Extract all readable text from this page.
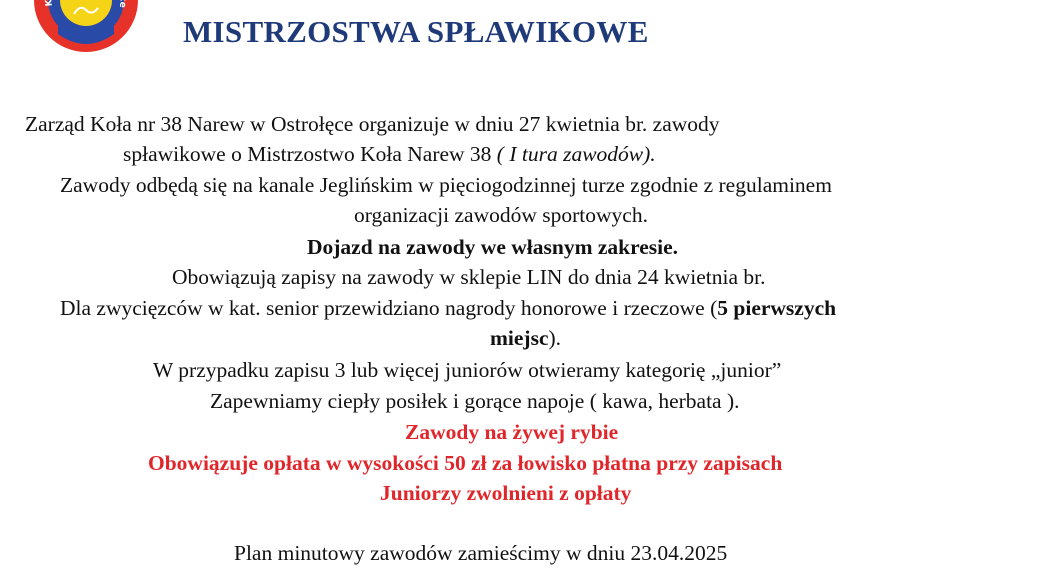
K	e
MISTRZOSTWA SPŁAWIKOWE
Zarząd Koła nr 38 Narew w Ostrołęce organizuje w dniu 27 kwietnia br. zawody
spławikowe o Mistrzostwo Koła Narew 38 ( I tura zawodów).
Zawody odbędą się na kanale Jeglińskim w pięciogodzinnej turze zgodnie z regulaminem
organizacji zawodów sportowych.
Dojazd na zawody we własnym zakresie.
Obowiązują zapisy na zawody w sklepie LIN do dnia 24 kwietnia br.
Dla zwycięzców w kat. senior przewidziano nagrody honorowe i rzeczowe (5 pierwszych
miejsc).
W przypadku zapisu 3 lub więcej juniorów otwieramy kategorię „junior”
Zapewniamy ciepły posiłek i gorące napoje ( kawa, herbata ).
Zawody na żywej rybie
Obowiązuje opłata w wysokości 50 zł za łowisko płatna przy zapisach
Juniorzy zwolnieni z opłaty
Plan minutowy zawodów zamieścimy w dniu 23.04.2025
